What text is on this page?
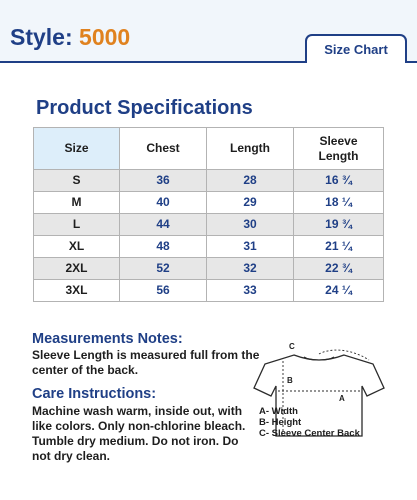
Style: 5000	Size Chart
Product Specifications
Size	Chest	Length	Sleeve Length
S	36	28	16 ¾
M	40	29	18 ¼
L	44	30	19 ¾
XL	48	31	21 ¼
2XL	52	32	22 ¾
3XL	56	33	24 ¼
Measurements Notes:
Sleeve Length is measured full from the center of the back.
Care Instructions:
Machine wash warm, inside out, with like colors. Only non-chlorine bleach. Tumble dry medium. Do not iron. Do not dry clean.
C
B
A
A- Width
B- Height
C- Sleeve Center Back
